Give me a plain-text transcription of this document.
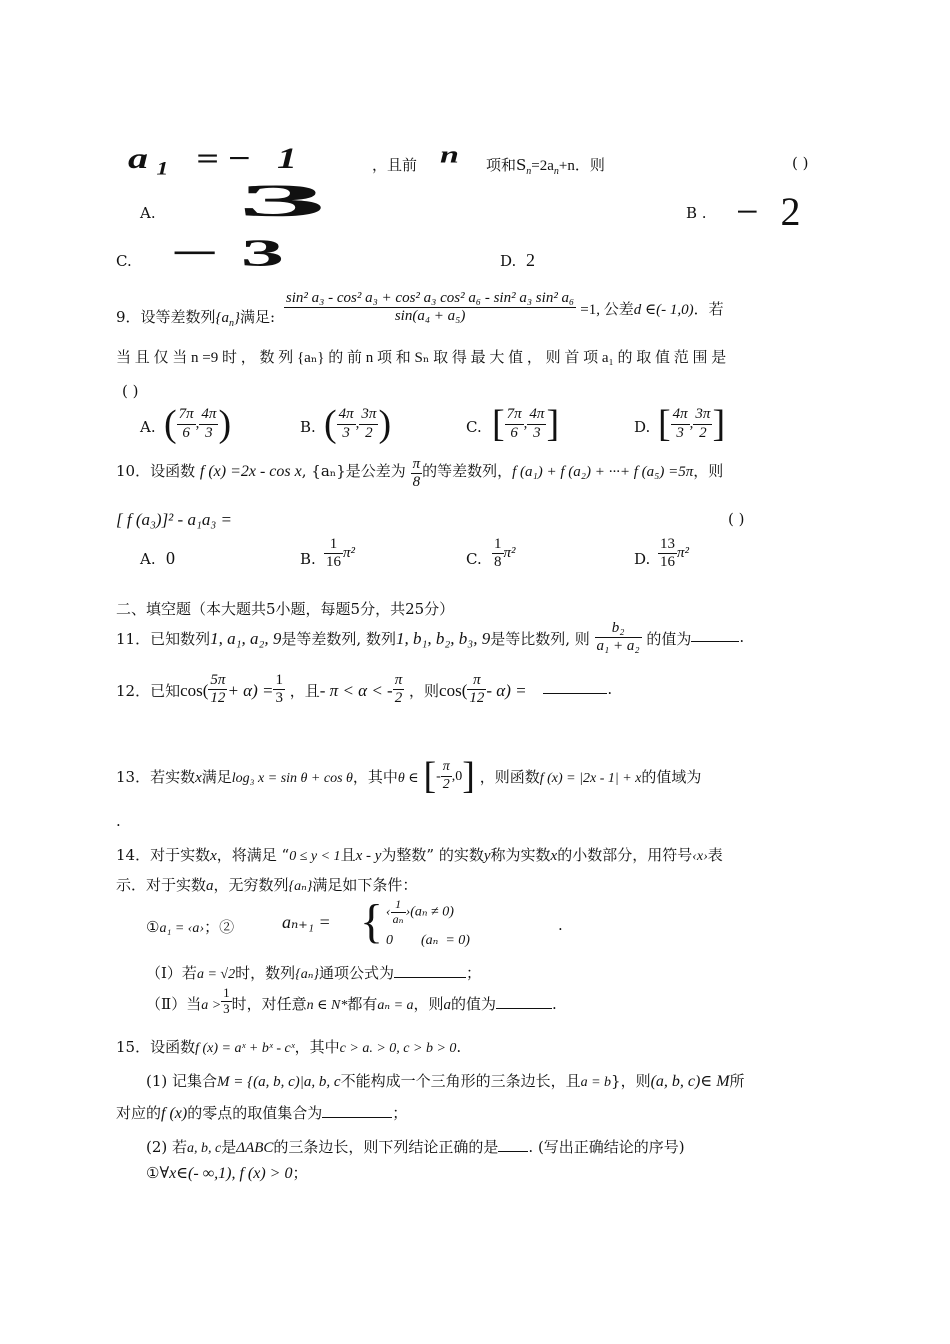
a₁ =− 1	，且前 n 项和$S_n=2a_n+n$．则	( )
A. 3	B . − 2
C. − 3	D. 2
9．设等差数列$\{a_n\}$满足: $\frac{\text{sin² a₃ - cos² a₃ + cos² a₃ cos² a₆ - sin² a₃ sin² a₆}}{\text{sin(a₄ + a₅)}} =1$, 公差d ∈(- 1,0)．若
当 且 仅 当 n =9 时 ， 数 列 {aₙ} 的 前 n 项 和 Sₙ 取 得 最 大 值 ， 则 首 项 a₁ 的 取 值 范 围 是
( )
A. ( $\frac{7\pi}{6}$ , $\frac{4\pi}{3}$ )	B. ( $\frac{4\pi}{3}$ , $\frac{3\pi}{2}$ )	C. [ $\frac{7\pi}{6}$ , $\frac{4\pi}{3}$ ]	D. [ $\frac{4\pi}{3}$ , $\frac{3\pi}{2}$ ]
10．设函数 f (x) =2x - cos x, {aₙ}是公差为 $\frac{\pi}{8}$ 的等差数列，f (a₁) + f (a₂) + ···+ f (a₅) =5π，则
[ f (a₃)]² - a₁a₃ =	( )
A. 0	B. $\frac{1}{16} \pi^2$	C. $\frac{1}{8} \pi^2$	D. $\frac{13}{16} \pi^2$
二、填空题（本大题共5小题，每题5分，共25分）
11．已知数列1, a₁, a₂, 9是等差数列, 数列1, b₁, b₂, b₃, 9是等比数列, 则 $\frac{\text{b₂}}{\text{a₁ + a₂}}$ 的值为	.
12．已知$\cos( \frac{5\pi}{12} + \alpha) = \frac{1}{3}$ ，且- π < α < - $\frac{\pi}{2}$ ，则$\cos( \frac{\pi}{12} - \alpha)$ =	.
13．若实数x满足log₃ x = sin θ + cos θ，其中θ ∈ [- $\frac{\pi}{2} ,0$] ，则函数f (x) = |2x - 1| + x的值域为
.
14．对于实数x，将满足 “0 ≤ y < 1且x - y为整数” 的实数y称为实数x的小数部分，用符号‹x›表
示．对于实数a，无穷数列{aₙ}满足如下条件：
①a₁ = ‹a›；②	aₙ₊₁ = { ‹ $\frac{1}{\text{aₙ}}$ ›(aₙ ≠ 0)
0        (aₙ  = 0)
.
（Ⅰ）若a = √2时，数列{aₙ}通项公式为	；
（Ⅱ）当$a > \frac{1}{3}$ 时，对任意n ∈ N*都有aₙ = a，则a的值为	.
15．设函数f (x) = aˣ + bˣ - cˣ，其中c > a. > 0, c > b > 0.
(1) 记集合M = {(a, b, c)|a, b, c不能构成一个三角形的三条边长，且a = b}，则(a, b, c)∈ M所
对应的f (x)的零点的取值集合为	；
(2) 若a, b, c是ΔABC的三条边长，则下列结论正确的是 . (写出正确结论的序号)
①∀x∈(- ∞,1), f (x) > 0；
